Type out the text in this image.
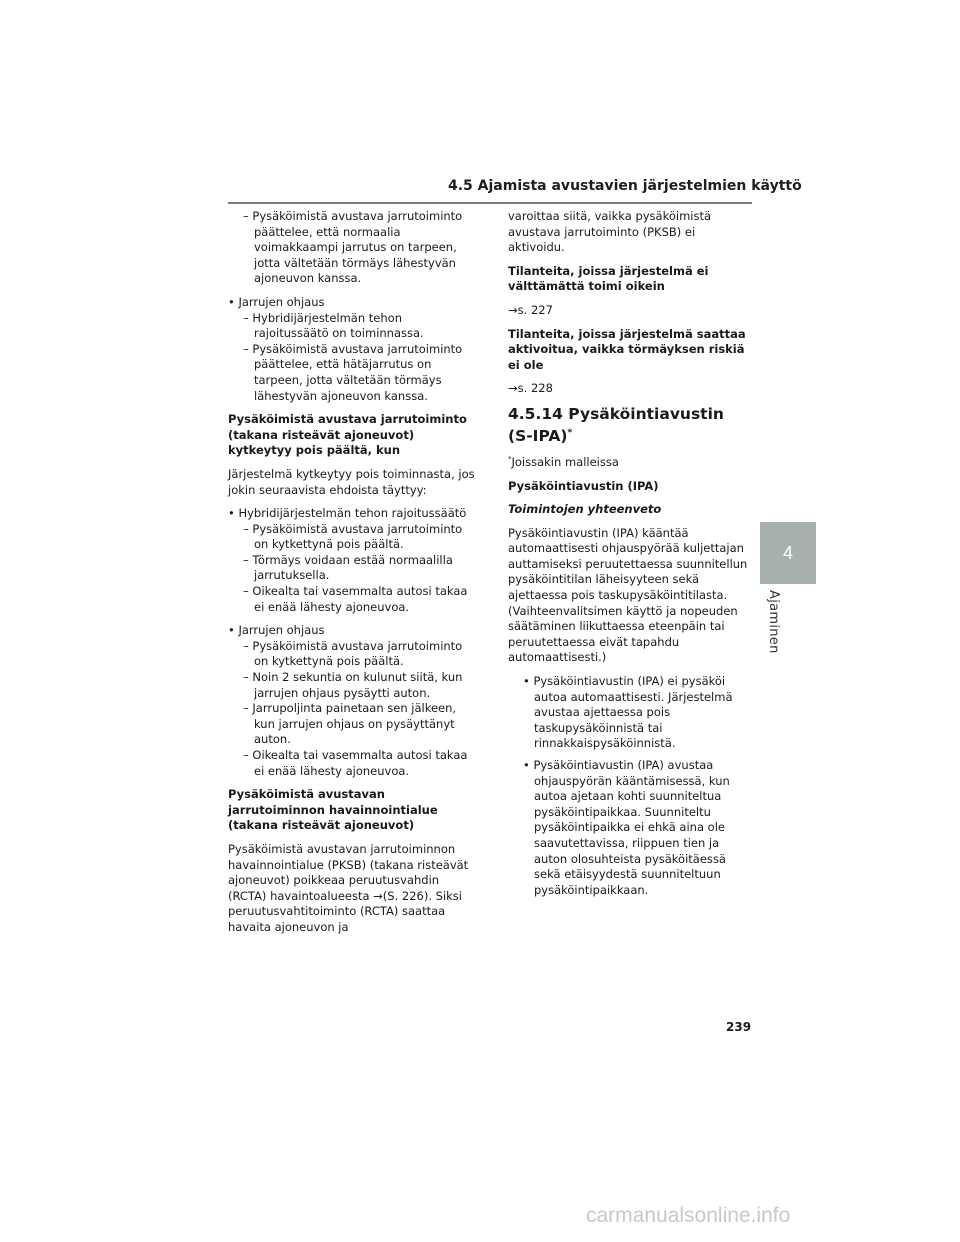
4.5 Ajamista avustavien järjestelmien käyttö

– Pysäköimistä avustava jarrutoiminto päättelee, että normaalia voimakkaampi jarrutus on tarpeen, jotta vältetään törmäys lähestyvän ajoneuvon kanssa.

• Jarrujen ohjaus

– Hybridijärjestelmän tehon rajoitussäätö on toiminnassa.

– Pysäköimistä avustava jarrutoiminto päättelee, että hätäjarrutus on tarpeen, jotta vältetään törmäys lähestyvän ajoneuvon kanssa.

Pysäköimistä avustava jarrutoiminto (takana risteävät ajoneuvot) kytkeytyy pois päältä, kun

Järjestelmä kytkeytyy pois toiminnasta, jos jokin seuraavista ehdoista täyttyy:

• Hybridijärjestelmän tehon rajoitussäätö

– Pysäköimistä avustava jarrutoiminto on kytkettynä pois päältä.

– Törmäys voidaan estää normaalilla jarrutuksella.

– Oikealta tai vasemmalta autosi takaa ei enää lähesty ajoneuvoa.

• Jarrujen ohjaus

– Pysäköimistä avustava jarrutoiminto on kytkettynä pois päältä.

– Noin 2 sekuntia on kulunut siitä, kun jarrujen ohjaus pysäytti auton.

– Jarrupoljinta painetaan sen jälkeen, kun jarrujen ohjaus on pysäyttänyt auton.

– Oikealta tai vasemmalta autosi takaa ei enää lähesty ajoneuvoa.

Pysäköimistä avustavan jarrutoiminnon havainnointialue (takana risteävät ajoneuvot)

Pysäköimistä avustavan jarrutoiminnon havainnointialue (PKSB) (takana risteävät ajoneuvot) poikkeaa peruutusvahdin (RCTA) havaintoalueesta →(S. 226). Siksi peruutusvahtitoiminto (RCTA) saattaa havaita ajoneuvon ja

varoittaa siitä, vaikka pysäköimistä avustava jarrutoiminto (PKSB) ei aktivoidu.

Tilanteita, joissa järjestelmä ei välttämättä toimi oikein

→s. 227

Tilanteita, joissa järjestelmä saattaa aktivoitua, vaikka törmäyksen riskiä ei ole

→s. 228

4.5.14 Pysäköintiavustin (S-IPA)*

*Joissakin malleissa

Pysäköintiavustin (IPA)

Toimintojen yhteenveto

Pysäköintiavustin (IPA) kääntää automaattisesti ohjauspyörää kuljettajan auttamiseksi peruutettaessa suunnitellun pysäköintitilan läheisyyteen sekä ajettaessa pois taskupysäköintitilasta. (Vaihteenvalitsimen käyttö ja nopeuden säätäminen liikuttaessa eteenpäin tai peruutettaessa eivät tapahdu automaattisesti.)

• Pysäköintiavustin (IPA) ei pysäköi autoa automaattisesti. Järjestelmä avustaa ajettaessa pois taskupysäköinnistä tai rinnakkaispysäköinnistä.

• Pysäköintiavustin (IPA) avustaa ohjauspyörän kääntämisessä, kun autoa ajetaan kohti suunniteltua pysäköintipaikkaa. Suunniteltu pysäköintipaikka ei ehkä aina ole saavutettavissa, riippuen tien ja auton olosuhteista pysäköitäessä sekä etäisyydestä suunniteltuun pysäköintipaikkaan.

4
Ajaminen
239
carmanualsonline.info
